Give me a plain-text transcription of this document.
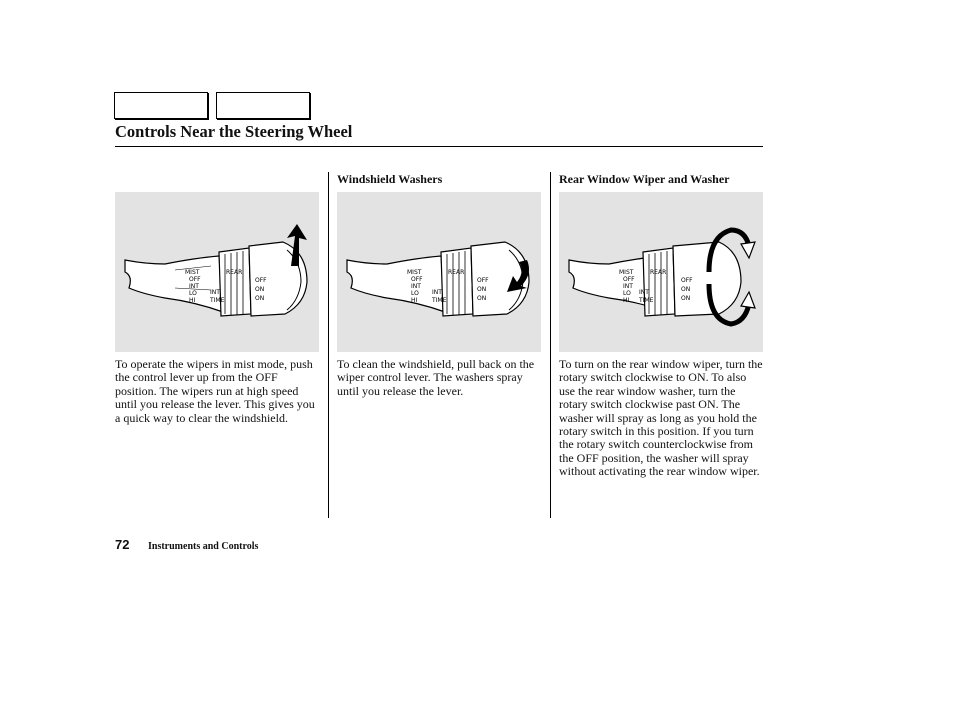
Controls Near the Steering Wheel
Windshield Washers	Rear Window Wiper and Washer
MIST
OFF
INT
LO
HI
REAR
OFF
ON
ON
INT
TIME
MIST
OFF
INT
LO
HI
REAR
OFF
ON
ON
INT
TIME
MIST
OFF
INT
LO
HI
REAR
OFF
ON
ON
INT
TIME
To operate the wipers in mist mode, push the control lever up from the OFF position. The wipers run at high speed until you release the lever. This gives you a quick way to clear the windshield.
To clean the windshield, pull back on the wiper control lever. The washers spray until you release the lever.
To turn on the rear window wiper, turn the rotary switch clockwise to ON. To also use the rear window washer, turn the rotary switch clockwise past ON. The washer will spray as long as you hold the rotary switch in this position. If you turn the rotary switch counterclockwise from the OFF position, the washer will spray without activating the rear window wiper.
72 Instruments and Controls
